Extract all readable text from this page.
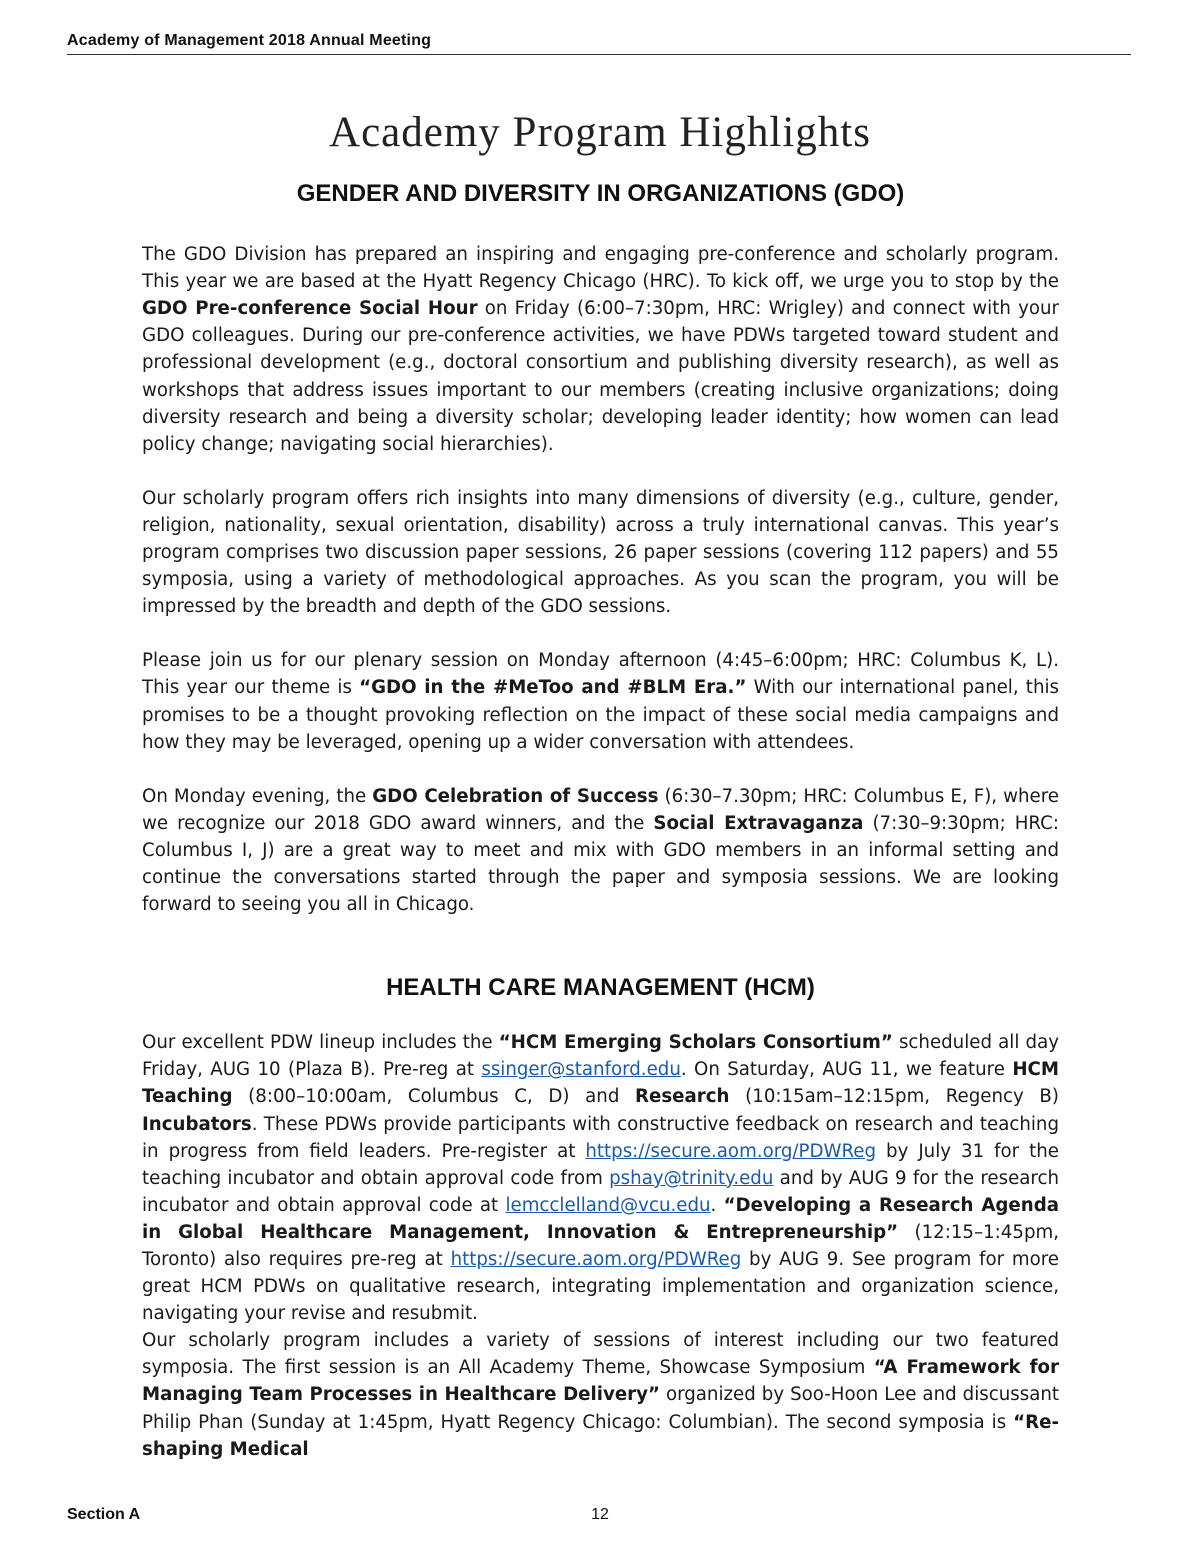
Academy of Management 2018 Annual Meeting
Academy Program Highlights
GENDER AND DIVERSITY IN ORGANIZATIONS (GDO)

The GDO Division has prepared an inspiring and engaging pre-conference and scholarly program. This year we are based at the Hyatt Regency Chicago (HRC). To kick off, we urge you to stop by the GDO Pre-conference Social Hour on Friday (6:00–7:30pm, HRC: Wrigley) and connect with your GDO colleagues. During our pre-conference activities, we have PDWs targeted toward student and professional development (e.g., doctoral consortium and publishing diversity research), as well as workshops that address issues important to our members (creating inclusive organizations; doing diversity research and being a diversity scholar; developing leader identity; how women can lead policy change; navigating social hierarchies).

Our scholarly program offers rich insights into many dimensions of diversity (e.g., culture, gender, religion, nationality, sexual orientation, disability) across a truly international canvas. This year’s program comprises two discussion paper sessions, 26 paper sessions (covering 112 papers) and 55 symposia, using a variety of methodological approaches. As you scan the program, you will be impressed by the breadth and depth of the GDO sessions.

Please join us for our plenary session on Monday afternoon (4:45–6:00pm; HRC: Columbus K, L). This year our theme is “GDO in the #MeToo and #BLM Era.” With our international panel, this promises to be a thought provoking reflection on the impact of these social media campaigns and how they may be leveraged, opening up a wider conversation with attendees.

On Monday evening, the GDO Celebration of Success (6:30–7.30pm; HRC: Columbus E, F), where we recognize our 2018 GDO award winners, and the Social Extravaganza (7:30–9:30pm; HRC: Columbus I, J) are a great way to meet and mix with GDO members in an informal setting and continue the conversations started through the paper and symposia sessions. We are looking forward to seeing you all in Chicago.

HEALTH CARE MANAGEMENT (HCM)

Our excellent PDW lineup includes the “HCM Emerging Scholars Consortium” scheduled all day Friday, AUG 10 (Plaza B). Pre-reg at ssinger@stanford.edu. On Saturday, AUG 11, we feature HCM Teaching (8:00–10:00am, Columbus C, D) and Research (10:15am–12:15pm, Regency B) Incubators. These PDWs provide participants with constructive feedback on research and teaching in progress from field leaders. Pre-register at https://secure.aom.org/PDWReg by July 31 for the teaching incubator and obtain approval code from pshay@trinity.edu and by AUG 9 for the research incubator and obtain approval code at lemcclelland@vcu.edu. “Developing a Research Agenda in Global Healthcare Management, Innovation & Entrepreneurship” (12:15–1:45pm, Toronto) also requires pre-reg at https://secure.aom.org/PDWReg by AUG 9. See program for more great HCM PDWs on qualitative research, integrating implementation and organization science, navigating your revise and resubmit.

Our scholarly program includes a variety of sessions of interest including our two featured symposia. The first session is an All Academy Theme, Showcase Symposium “A Framework for Managing Team Processes in Healthcare Delivery” organized by Soo-Hoon Lee and discussant Philip Phan (Sunday at 1:45pm, Hyatt Regency Chicago: Columbian). The second symposia is “Re-shaping Medical

Section A	12
